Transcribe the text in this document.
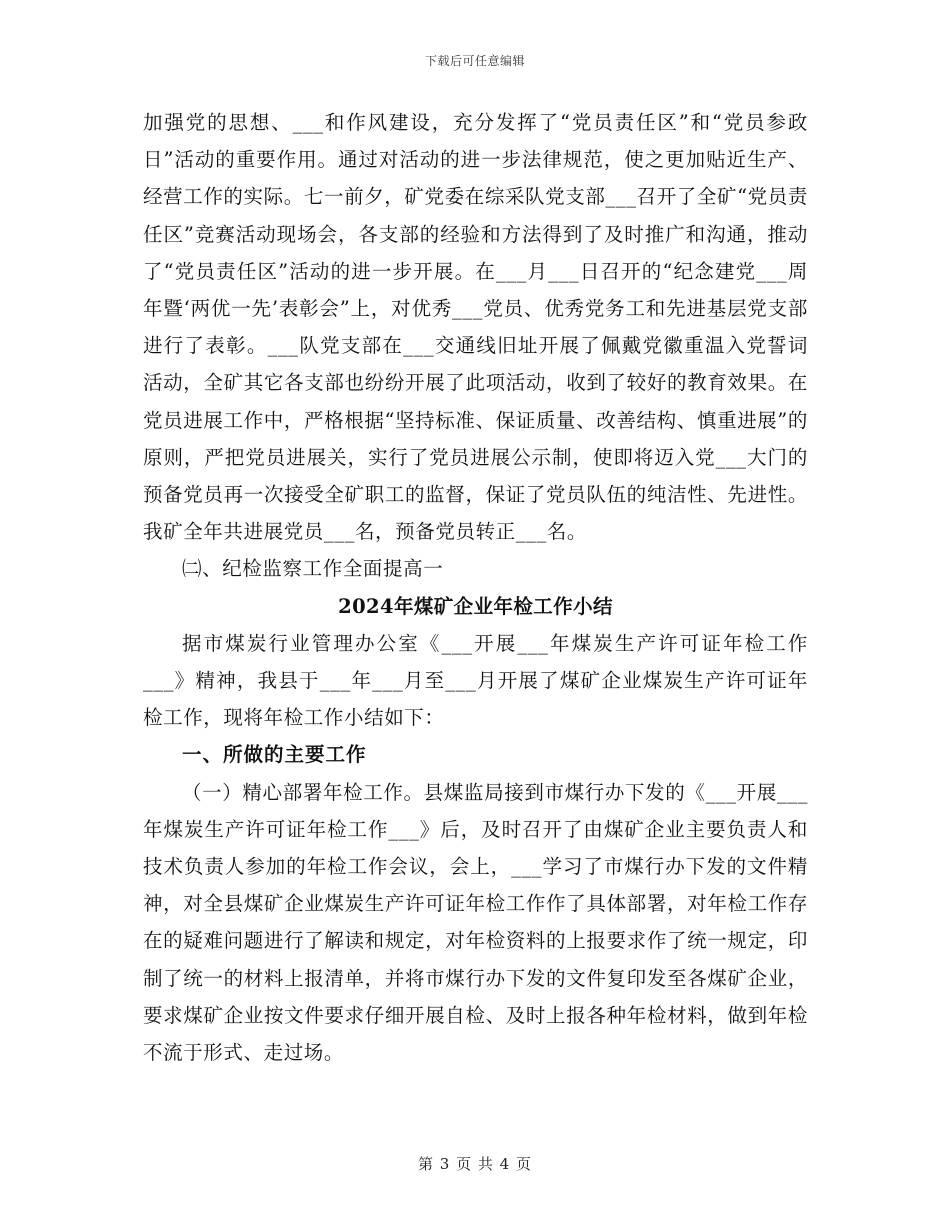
下载后可任意编辑

加强党的思想、___和作风建设，充分发挥了“党员责任区”和“党员参政日”活动的重要作用。通过对活动的进一步法律规范，使之更加贴近生产、经营工作的实际。七一前夕，矿党委在综采队党支部___召开了全矿“党员责任区”竞赛活动现场会，各支部的经验和方法得到了及时推广和沟通，推动了“党员责任区”活动的进一步开展。在___月___日召开的“纪念建党___周年暨‘两优一先’表彰会”上，对优秀___党员、优秀党务工和先进基层党支部进行了表彰。___队党支部在___交通线旧址开展了佩戴党徽重温入党誓词活动，全矿其它各支部也纷纷开展了此项活动，收到了较好的教育效果。在党员进展工作中，严格根据“坚持标准、保证质量、改善结构、慎重进展”的原则，严把党员进展关，实行了党员进展公示制，使即将迈入党___大门的预备党员再一次接受全矿职工的监督，保证了党员队伍的纯洁性、先进性。我矿全年共进展党员___名，预备党员转正___名。

㈡、纪检监察工作全面提高一

2024年煤矿企业年检工作小结

据市煤炭行业管理办公室《___开展___年煤炭生产许可证年检工作___》精神，我县于___年___月至___月开展了煤矿企业煤炭生产许可证年检工作，现将年检工作小结如下：

一、所做的主要工作

（一）精心部署年检工作。县煤监局接到市煤行办下发的《___开展___年煤炭生产许可证年检工作___》后，及时召开了由煤矿企业主要负责人和技术负责人参加的年检工作会议，会上，___学习了市煤行办下发的文件精神，对全县煤矿企业煤炭生产许可证年检工作作了具体部署，对年检工作存在的疑难问题进行了解读和规定，对年检资料的上报要求作了统一规定，印制了统一的材料上报清单，并将市煤行办下发的文件复印发至各煤矿企业，要求煤矿企业按文件要求仔细开展自检、及时上报各种年检材料，做到年检不流于形式、走过场。

第 3 页 共 4 页
